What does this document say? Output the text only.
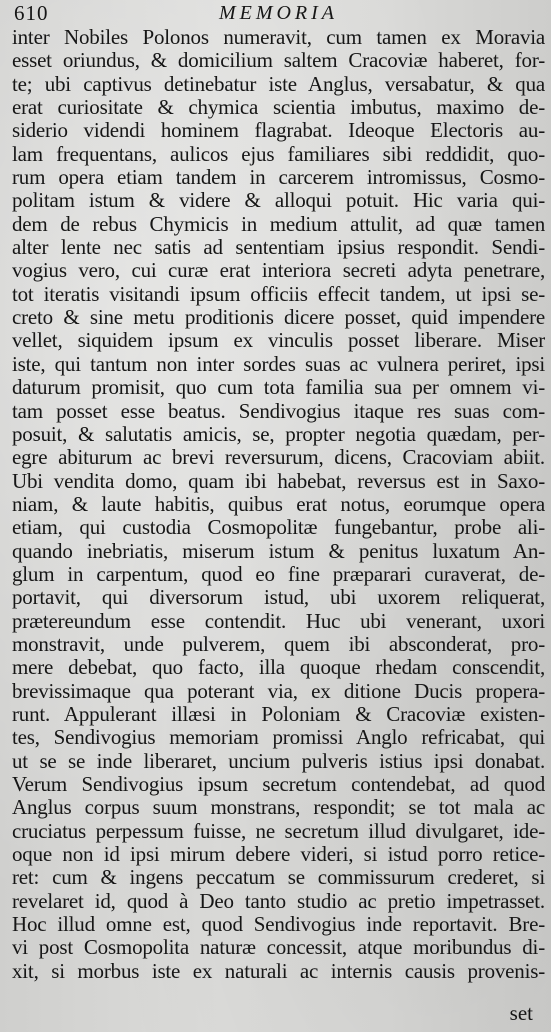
610	MEMORIA
inter Nobiles Polonos numeravit, cum tamen ex Moravia
esset oriundus, & domicilium saltem Cracoviæ haberet, for-
te; ubi captivus detinebatur iste Anglus, versabatur, & qua
erat curiositate & chymica scientia imbutus, maximo de-
siderio videndi hominem flagrabat. Ideoque Electoris au-
lam frequentans, aulicos ejus familiares sibi reddidit, quo-
rum opera etiam tandem in carcerem intromissus, Cosmo-
politam istum & videre & alloqui potuit. Hic varia qui-
dem de rebus Chymicis in medium attulit, ad quæ tamen
alter lente nec satis ad sententiam ipsius respondit. Sendi-
vogius vero, cui curæ erat interiora secreti adyta penetrare,
tot iteratis visitandi ipsum officiis effecit tandem, ut ipsi se-
creto & sine metu proditionis dicere posset, quid impendere
vellet, siquidem ipsum ex vinculis posset liberare. Miser
iste, qui tantum non inter sordes suas ac vulnera periret, ipsi
daturum promisit, quo cum tota familia sua per omnem vi-
tam posset esse beatus. Sendivogius itaque res suas com-
posuit, & salutatis amicis, se, propter negotia quædam, per-
egre abiturum ac brevi reversurum, dicens, Cracoviam abiit.
Ubi vendita domo, quam ibi habebat, reversus est in Saxo-
niam, & laute habitis, quibus erat notus, eorumque opera
etiam, qui custodia Cosmopolitæ fungebantur, probe ali-
quando inebriatis, miserum istum & penitus luxatum An-
glum in carpentum, quod eo fine præparari curaverat, de-
portavit, qui diversorum istud, ubi uxorem reliquerat,
prætereundum esse contendit. Huc ubi venerant, uxori
monstravit, unde pulverem, quem ibi absconderat, pro-
mere debebat, quo facto, illa quoque rhedam conscendit,
brevissimaque qua poterant via, ex ditione Ducis propera-
runt. Appulerant illæsi in Poloniam & Cracoviæ existen-
tes, Sendivogius memoriam promissi Anglo refricabat, qui
ut se se inde liberaret, uncium pulveris istius ipsi donabat.
Verum Sendivogius ipsum secretum contendebat, ad quod
Anglus corpus suum monstrans, respondit; se tot mala ac
cruciatus perpessum fuisse, ne secretum illud divulgaret, ide-
oque non id ipsi mirum debere videri, si istud porro retice-
ret: cum & ingens peccatum se commissurum crederet, si
revelaret id, quod à Deo tanto studio ac pretio impetrasset.
Hoc illud omne est, quod Sendivogius inde reportavit. Bre-
vi post Cosmopolita naturæ concessit, atque moribundus di-
xit, si morbus iste ex naturali ac internis causis provenis-
set
